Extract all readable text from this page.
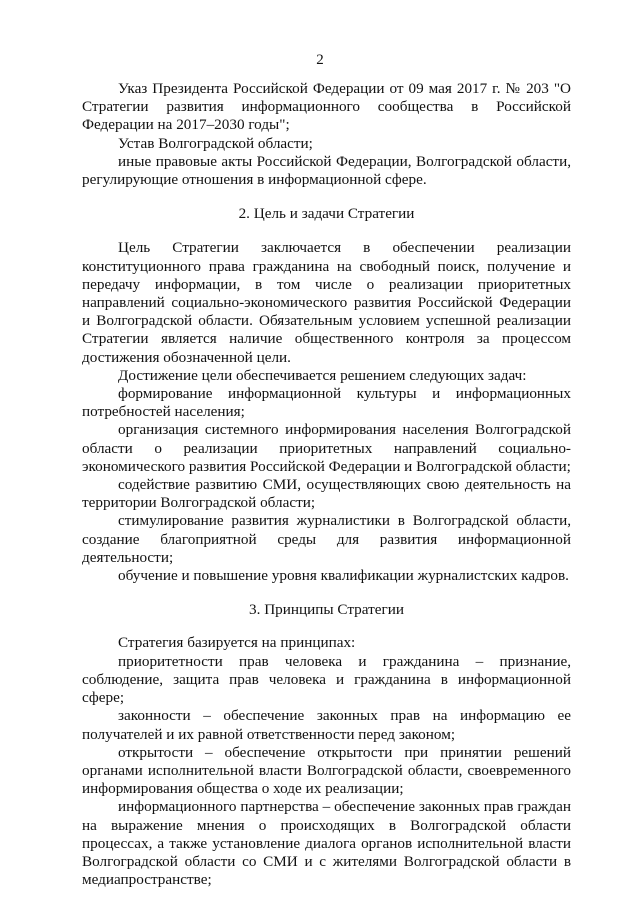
2

Указ Президента Российской Федерации от 09 мая 2017 г. № 203 "О Стратегии развития информационного сообщества в Российской Федерации на 2017–2030 годы";

Устав Волгоградской области;

иные правовые акты Российской Федерации, Волгоградской области, регулирующие отношения в информационной сфере.

2. Цель и задачи Стратегии

Цель Стратегии заключается в обеспечении реализации конституционного права гражданина на свободный поиск, получение и передачу информации, в том числе о реализации приоритетных направлений социально-экономического развития Российской Федерации и Волгоградской области. Обязательным условием успешной реализации Стратегии является наличие общественного контроля за процессом достижения обозначенной цели.

Достижение цели обеспечивается решением следующих задач:

формирование информационной культуры и информационных потребностей населения;

организация системного информирования населения Волгоградской области о реализации приоритетных направлений социально-экономического развития Российской Федерации и Волгоградской области;

содействие развитию СМИ, осуществляющих свою деятельность на территории Волгоградской области;

стимулирование развития журналистики в Волгоградской области, создание благоприятной среды для развития информационной деятельности;

обучение и повышение уровня квалификации журналистских кадров.

3. Принципы Стратегии

Стратегия базируется на принципах:

приоритетности прав человека и гражданина – признание, соблюдение, защита прав человека и гражданина в информационной сфере;

законности – обеспечение законных прав на информацию ее получателей и их равной ответственности перед законом;

открытости – обеспечение открытости при принятии решений органами исполнительной власти Волгоградской области, своевременного информирования общества о ходе их реализации;

информационного партнерства – обеспечение законных прав граждан на выражение мнения о происходящих в Волгоградской области процессах, а также установление диалога органов исполнительной власти Волгоградской области со СМИ и с жителями Волгоградской области в медиапространстве;
